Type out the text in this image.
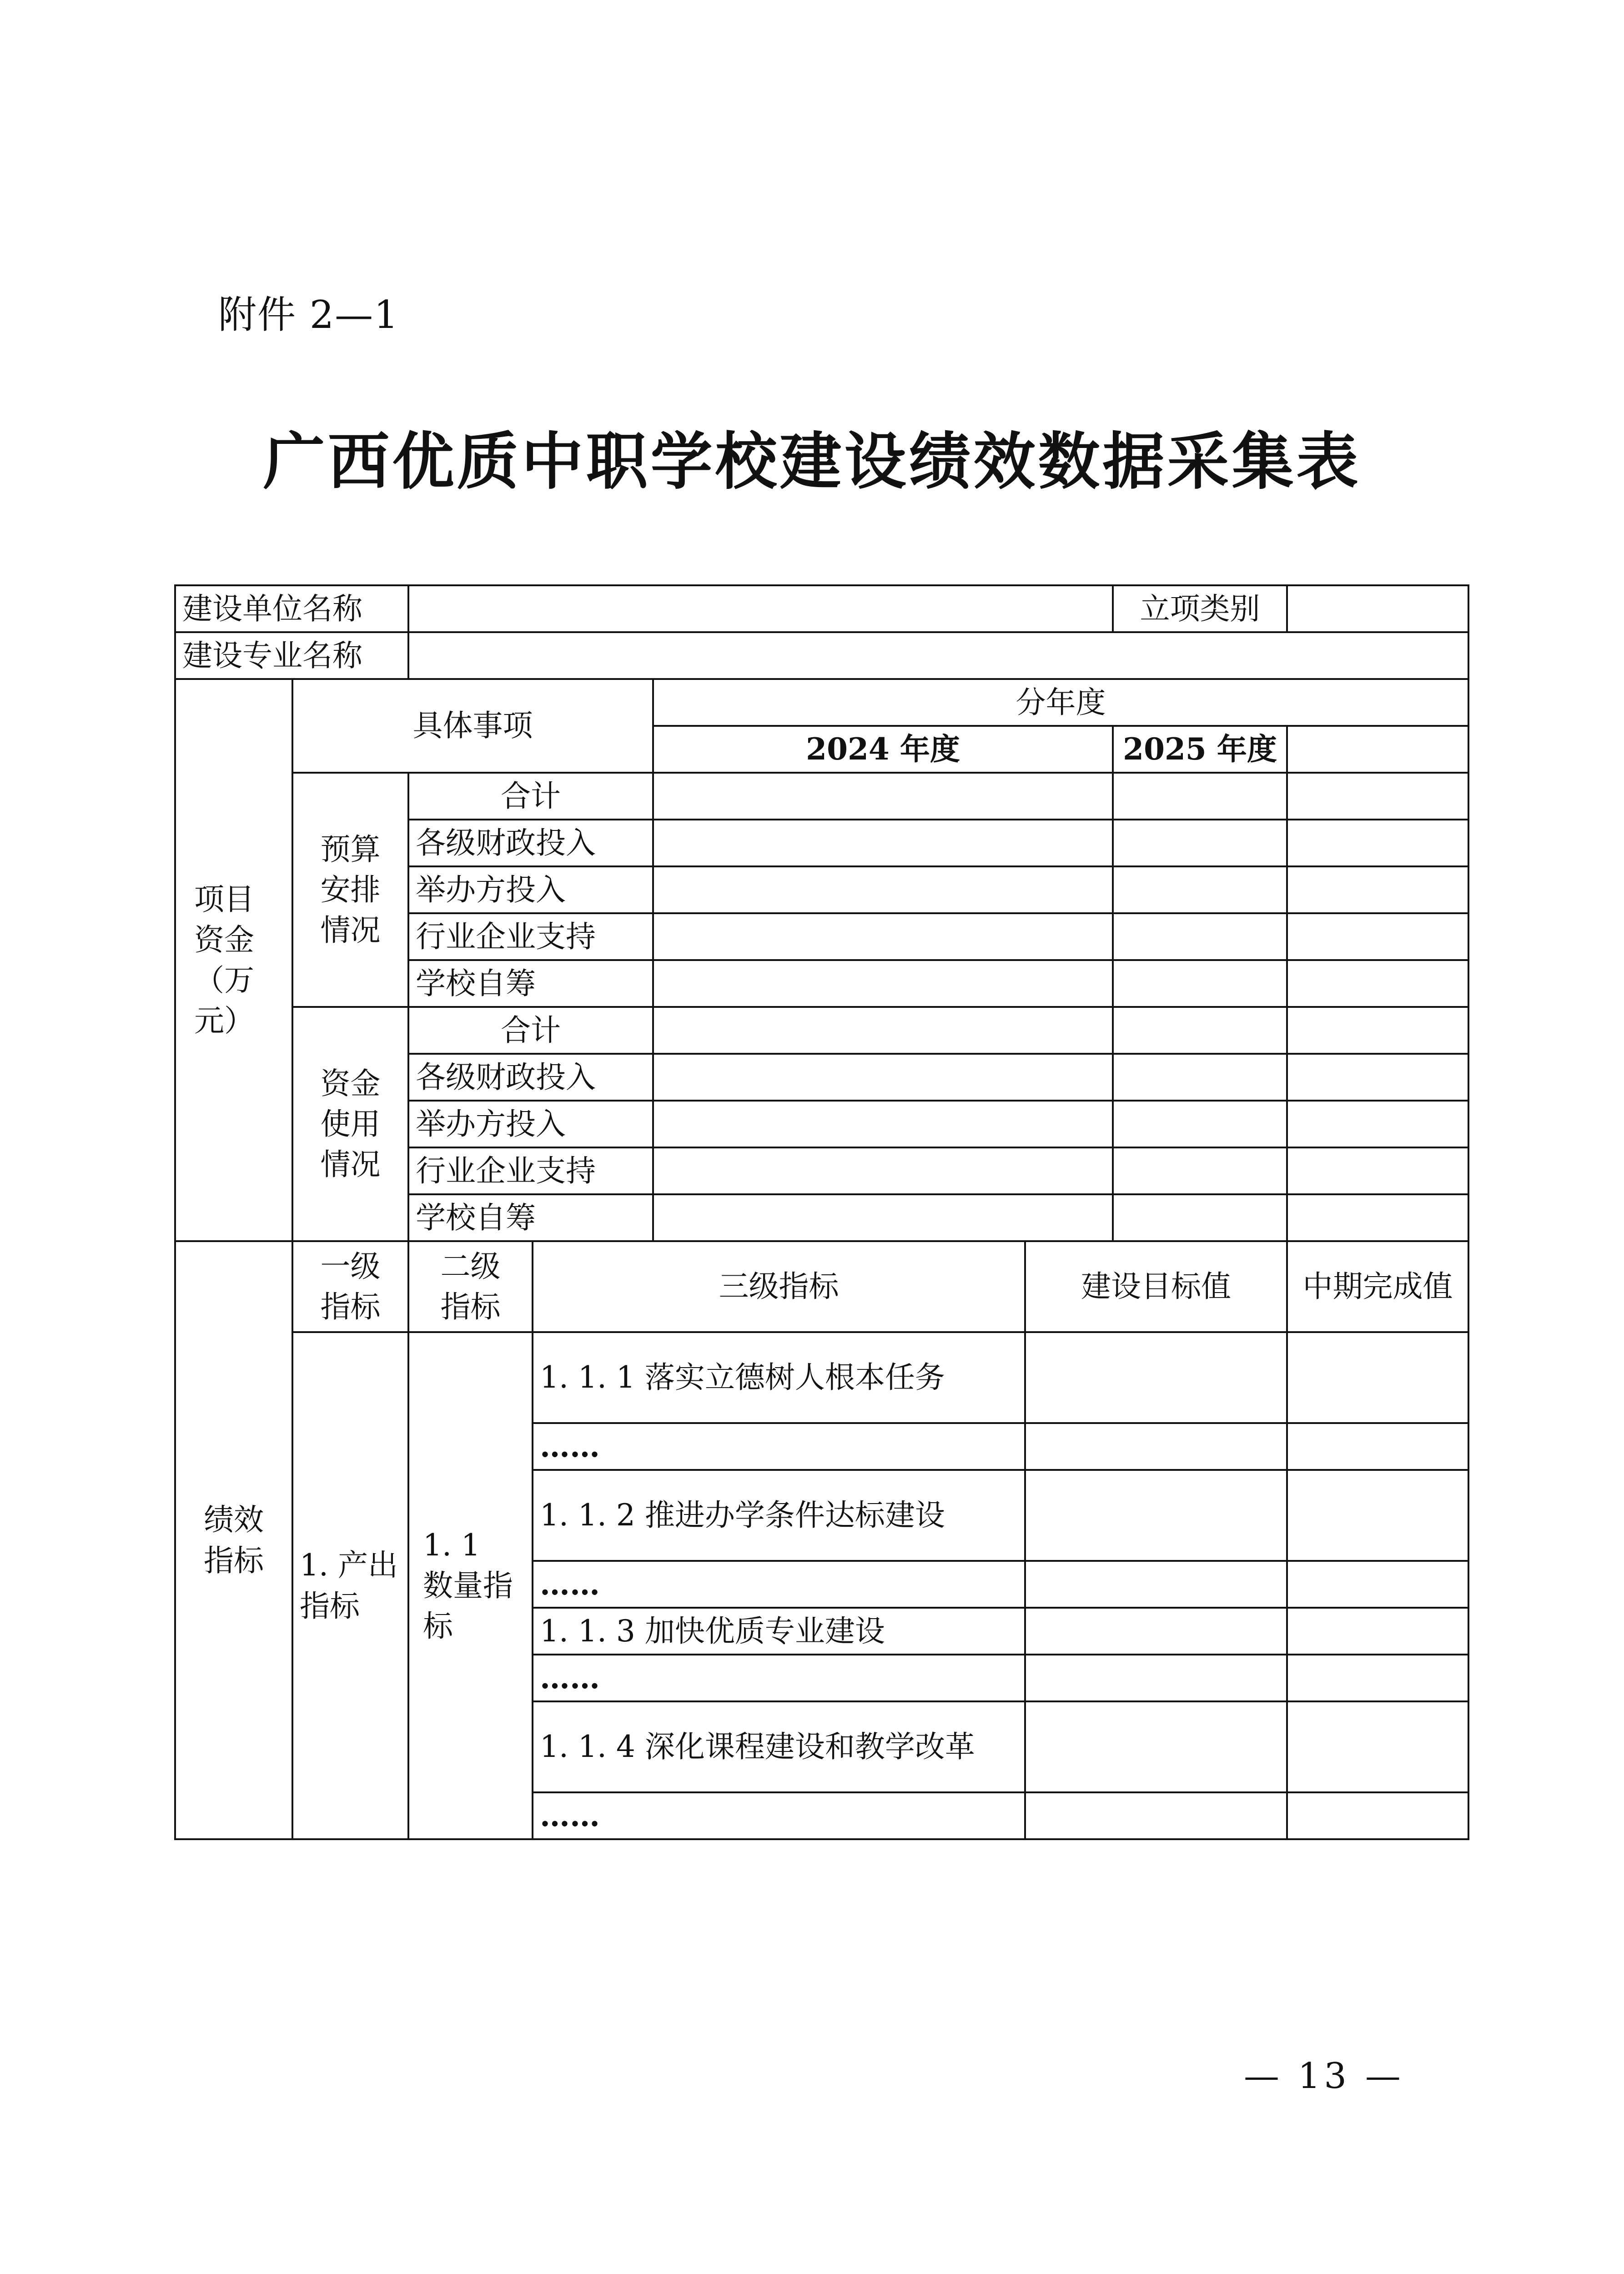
附件 2—1
广西优质中职学校建设绩效数据采集表
建设单位名称						立项类别	
建设专业名称							
项目资金（万元）	具体事项			分年度			
				2024 年度		2025 年度	
	预算安排情况	合计					
		各级财政投入					
		举办方投入					
		行业企业支持					
		学校自筹					
	资金使用情况	合计					
		各级财政投入					
		举办方投入					
		行业企业支持					
		学校自筹					
绩效指标	一级指标	二级指标	三级指标		建设目标值		中期完成值
	1. 产出指标	1. 1 数量指标	1. 1. 1 落实立德树人根本任务				
			……				
			1. 1. 2 推进办学条件达标建设				
			……				
			1. 1. 3 加快优质专业建设				
			……				
			1. 1. 4 深化课程建设和教学改革				
			……				
— 13 —
